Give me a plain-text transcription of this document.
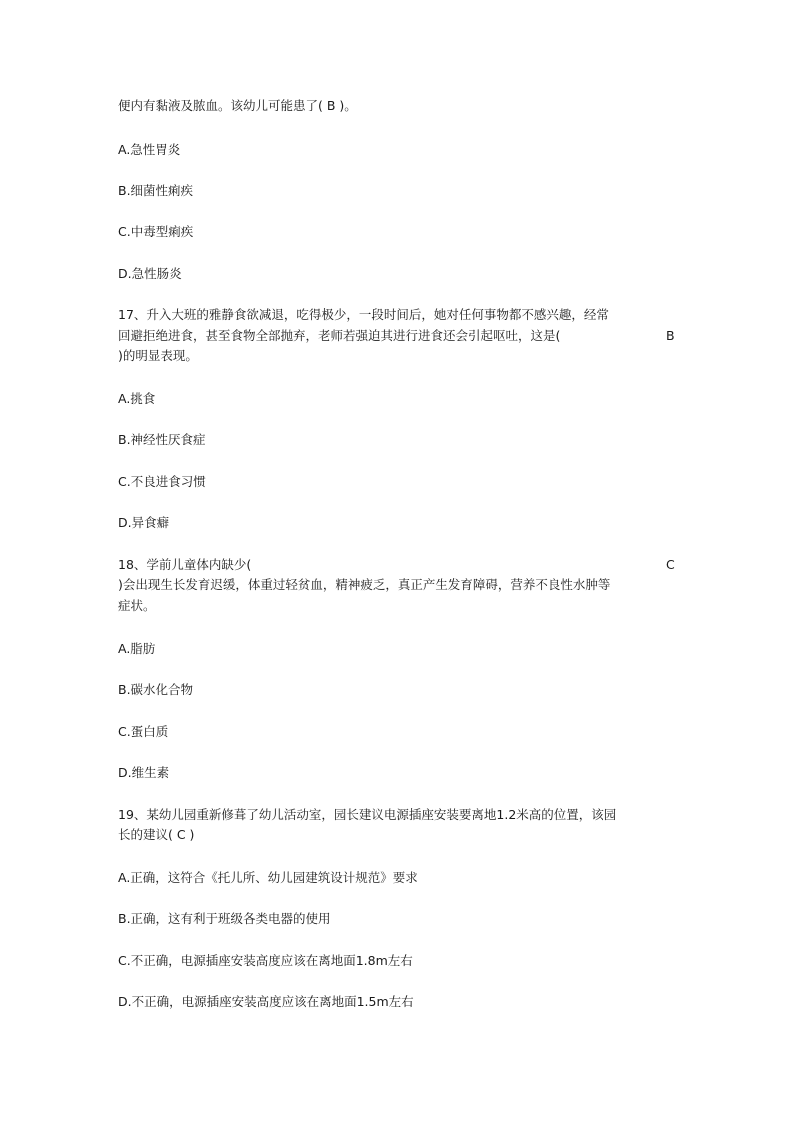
便内有黏液及脓血。该幼儿可能患了( B )。
A.急性胃炎
B.细菌性痢疾
C.中毒型痢疾
D.急性肠炎
17、升入大班的雅静食欲减退，吃得极少，一段时间后，她对任何事物都不感兴趣，经常
回避拒绝进食，甚至食物全部抛弃，老师若强迫其进行进食还会引起呕吐，这是(	B
)的明显表现。
A.挑食
B.神经性厌食症
C.不良进食习惯
D.异食癖
18、学前儿童体内缺少(	C
)会出现生长发育迟缓，体重过轻贫血，精神疲乏，真正产生发育障碍，营养不良性水肿等
症状。
A.脂肪
B.碳水化合物
C.蛋白质
D.维生素
19、某幼儿园重新修葺了幼儿活动室，园长建议电源插座安装要离地1.2米高的位置，该园
长的建议( C )
A.正确，这符合《托儿所、幼儿园建筑设计规范》要求
B.正确，这有利于班级各类电器的使用
C.不正确，电源插座安装高度应该在离地面1.8m左右
D.不正确，电源插座安装高度应该在离地面1.5m左右
